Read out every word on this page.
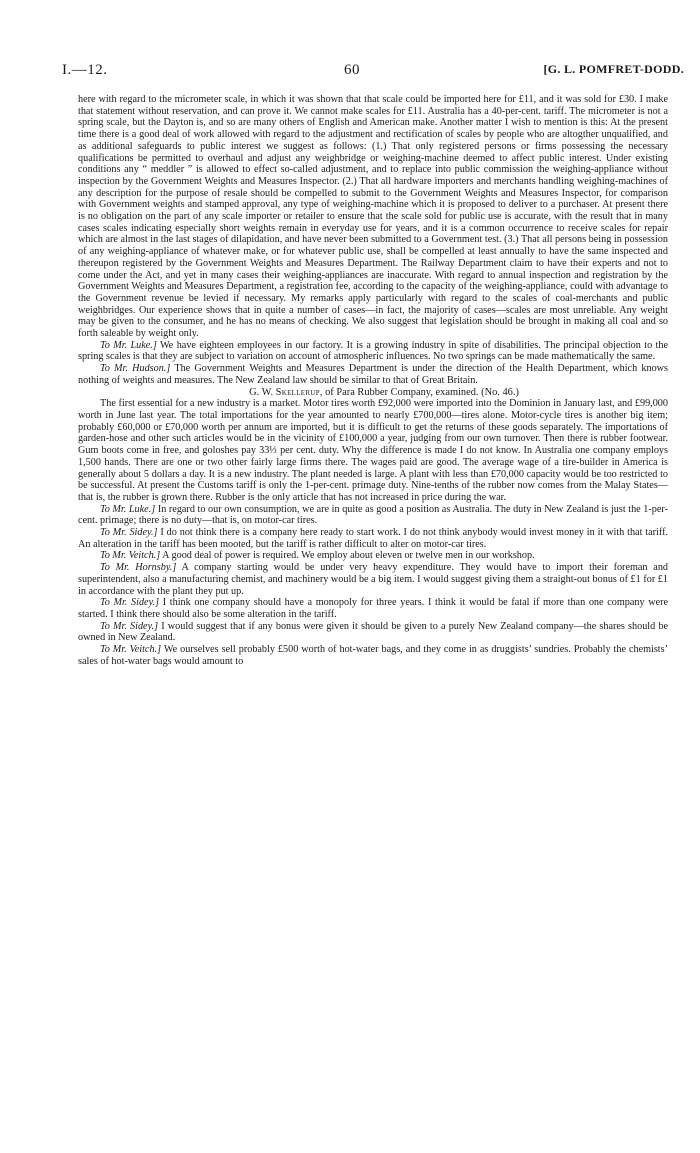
I.—12.	60	[G. L. POMFRET-DODD.

here with regard to the micrometer scale, in which it was shown that that scale could be imported here for £11, and it was sold for £30. I make that statement without reservation, and can prove it. We cannot make scales for £11. Australia has a 40-per-cent. tariff. The micrometer is not a spring scale, but the Dayton is, and so are many others of English and American make. Another matter I wish to mention is this: At the present time there is a good deal of work allowed with regard to the adjustment and rectification of scales by people who are altogther unqualified, and as additional safeguards to public interest we suggest as follows: (1.) That only registered persons or firms possessing the necessary qualifications be permitted to overhaul and adjust any weighbridge or weighing-machine deemed to affect public interest. Under existing conditions any “ meddler ” is allowed to effect so-called adjustment, and to replace into public commission the weighing-appliance without inspection by the Government Weights and Measures Inspector. (2.) That all hardware importers and merchants handling weighing-machines of any description for the purpose of resale should be compelled to submit to the Government Weights and Measures Inspector, for comparison with Government weights and stamped approval, any type of weighing-machine which it is proposed to deliver to a purchaser. At present there is no obligation on the part of any scale importer or retailer to ensure that the scale sold for public use is accurate, with the result that in many cases scales indicating especially short weights remain in everyday use for years, and it is a common occurrence to receive scales for repair which are almost in the last stages of dilapidation, and have never been submitted to a Government test. (3.) That all persons being in possession of any weighing-appliance of whatever make, or for whatever public use, shall be compelled at least annually to have the same inspected and thereupon registered by the Government Weights and Measures Department. The Railway Department claim to have their experts and not to come under the Act, and yet in many cases their weighing-appliances are inaccurate. With regard to annual inspection and registration by the Government Weights and Measures Department, a registration fee, according to the capacity of the weighing-appliance, could with advantage to the Government revenue be levied if necessary. My remarks apply particularly with regard to the scales of coal-merchants and public weighbridges. Our experience shows that in quite a number of cases—in fact, the majority of cases—scales are most unreliable. Any weight may be given to the consumer, and he has no means of checking. We also suggest that legislation should be brought in making all coal and so forth saleable by weight only.

To Mr. Luke.] We have eighteen employees in our factory. It is a growing industry in spite of disabilities. The principal objection to the spring scales is that they are subject to variation on account of atmospheric influences. No two springs can be made mathematically the same.

To Mr. Hudson.] The Government Weights and Measures Department is under the direction of the Health Department, which knows nothing of weights and measures. The New Zealand law should be similar to that of Great Britain.

G. W. Skellerup, of Para Rubber Company, examined. (No. 46.)

The first essential for a new industry is a market. Motor tires worth £92,000 were imported into the Dominion in January last, and £99,000 worth in June last year. The total importations for the year amounted to nearly £700,000—tires alone. Motor-cycle tires is another big item; probably £60,000 or £70,000 worth per annum are imported, but it is difficult to get the returns of these goods separately. The importations of garden-hose and other such articles would be in the vicinity of £100,000 a year, judging from our own turnover. Then there is rubber footwear. Gum boots come in free, and goloshes pay 33⅓ per cent. duty. Why the difference is made I do not know. In Australia one company employs 1,500 hands. There are one or two other fairly large firms there. The wages paid are good. The average wage of a tire-builder in America is generally about 5 dollars a day. It is a new industry. The plant needed is large. A plant with less than £70,000 capacity would be too restricted to be successful. At present the Customs tariff is only the 1-per-cent. primage duty. Nine-tenths of the rubber now comes from the Malay States—that is, the rubber is grown there. Rubber is the only article that has not increased in price during the war.

To Mr. Luke.] In regard to our own consumption, we are in quite as good a position as Australia. The duty in New Zealand is just the 1-per-cent. primage; there is no duty—that is, on motor-car tires.

To Mr. Sidey.] I do not think there is a company here ready to start work. I do not think anybody would invest money in it with that tariff. An alteration in the tariff has been mooted, but the tariff is rather difficult to alter on motor-car tires.

To Mr. Veitch.] A good deal of power is required. We employ about eleven or twelve men in our workshop.

To Mr. Hornsby.] A company starting would be under very heavy expenditure. They would have to import their foreman and superintendent, also a manufacturing chemist, and machinery would be a big item. I would suggest giving them a straight-out bonus of £1 for £1 in accordance with the plant they put up.

To Mr. Sidey.] I think one company should have a monopoly for three years. I think it would be fatal if more than one company were started. I think there should also be some alteration in the tariff.

To Mr. Sidey.] I would suggest that if any bonus were given it should be given to a purely New Zealand company—the shares should be owned in New Zealand.

To Mr. Veitch.] We ourselves sell probably £500 worth of hot-water bags, and they come in as druggists’ sundries. Probably the chemists’ sales of hot-water bags would amount to
